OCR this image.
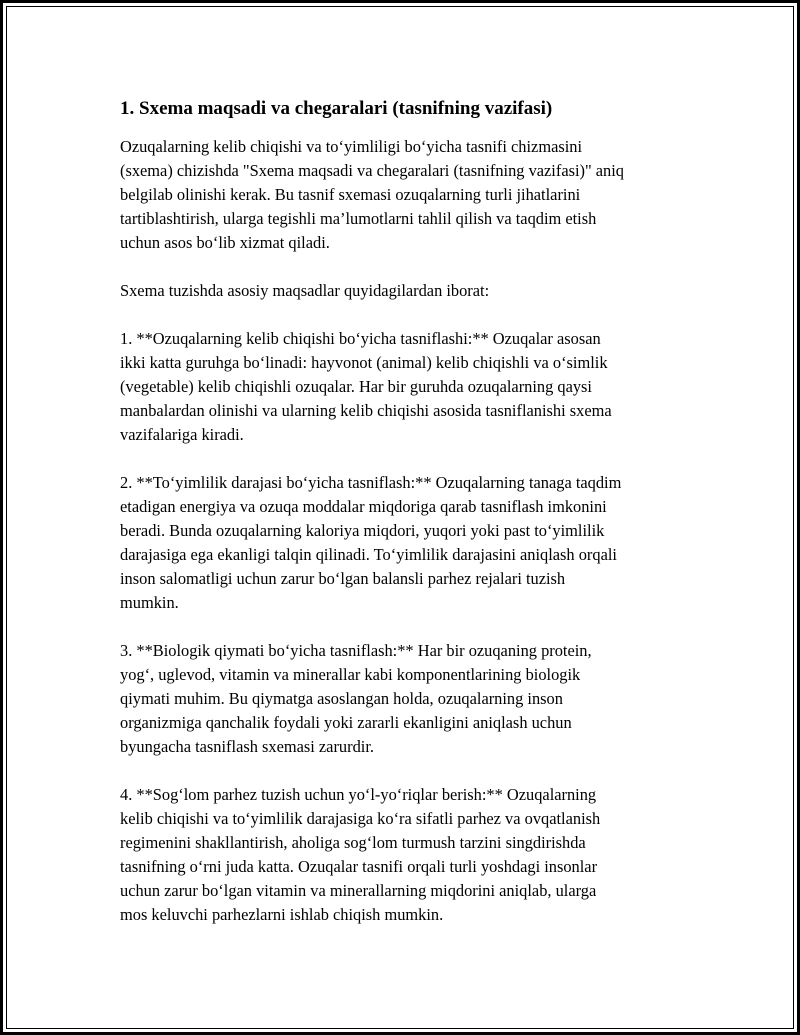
1. Sxema maqsadi va chegaralari (tasnifning vazifasi)

Ozuqalarning kelib chiqishi va to‘yimliligi bo‘yicha tasnifi chizmasini
(sxema) chizishda "Sxema maqsadi va chegaralari (tasnifning vazifasi)" aniq
belgilab olinishi kerak. Bu tasnif sxemasi ozuqalarning turli jihatlarini
tartiblashtirish, ularga tegishli ma’lumotlarni tahlil qilish va taqdim etish
uchun asos bo‘lib xizmat qiladi.

Sxema tuzishda asosiy maqsadlar quyidagilardan iborat:

1. **Ozuqalarning kelib chiqishi bo‘yicha tasniflashi:** Ozuqalar asosan
ikki katta guruhga bo‘linadi: hayvonot (animal) kelib chiqishli va o‘simlik
(vegetable) kelib chiqishli ozuqalar. Har bir guruhda ozuqalarning qaysi
manbalardan olinishi va ularning kelib chiqishi asosida tasniflanishi sxema
vazifalariga kiradi.

2. **To‘yimlilik darajasi bo‘yicha tasniflash:** Ozuqalarning tanaga taqdim
etadigan energiya va ozuqa moddalar miqdoriga qarab tasniflash imkonini
beradi. Bunda ozuqalarning kaloriya miqdori, yuqori yoki past to‘yimlilik
darajasiga ega ekanligi talqin qilinadi. To‘yimlilik darajasini aniqlash orqali
inson salomatligi uchun zarur bo‘lgan balansli parhez rejalari tuzish
mumkin.

3. **Biologik qiymati bo‘yicha tasniflash:** Har bir ozuqaning protein,
yog‘, uglevod, vitamin va minerallar kabi komponentlarining biologik
qiymati muhim. Bu qiymatga asoslangan holda, ozuqalarning inson
organizmiga qanchalik foydali yoki zararli ekanligini aniqlash uchun
byungacha tasniflash sxemasi zarurdir.

4. **Sog‘lom parhez tuzish uchun yo‘l-yo‘riqlar berish:** Ozuqalarning
kelib chiqishi va to‘yimlilik darajasiga ko‘ra sifatli parhez va ovqatlanish
regimenini shakllantirish, aholiga sog‘lom turmush tarzini singdirishda
tasnifning o‘rni juda katta. Ozuqalar tasnifi orqali turli yoshdagi insonlar
uchun zarur bo‘lgan vitamin va minerallarning miqdorini aniqlab, ularga
mos keluvchi parhezlarni ishlab chiqish mumkin.
